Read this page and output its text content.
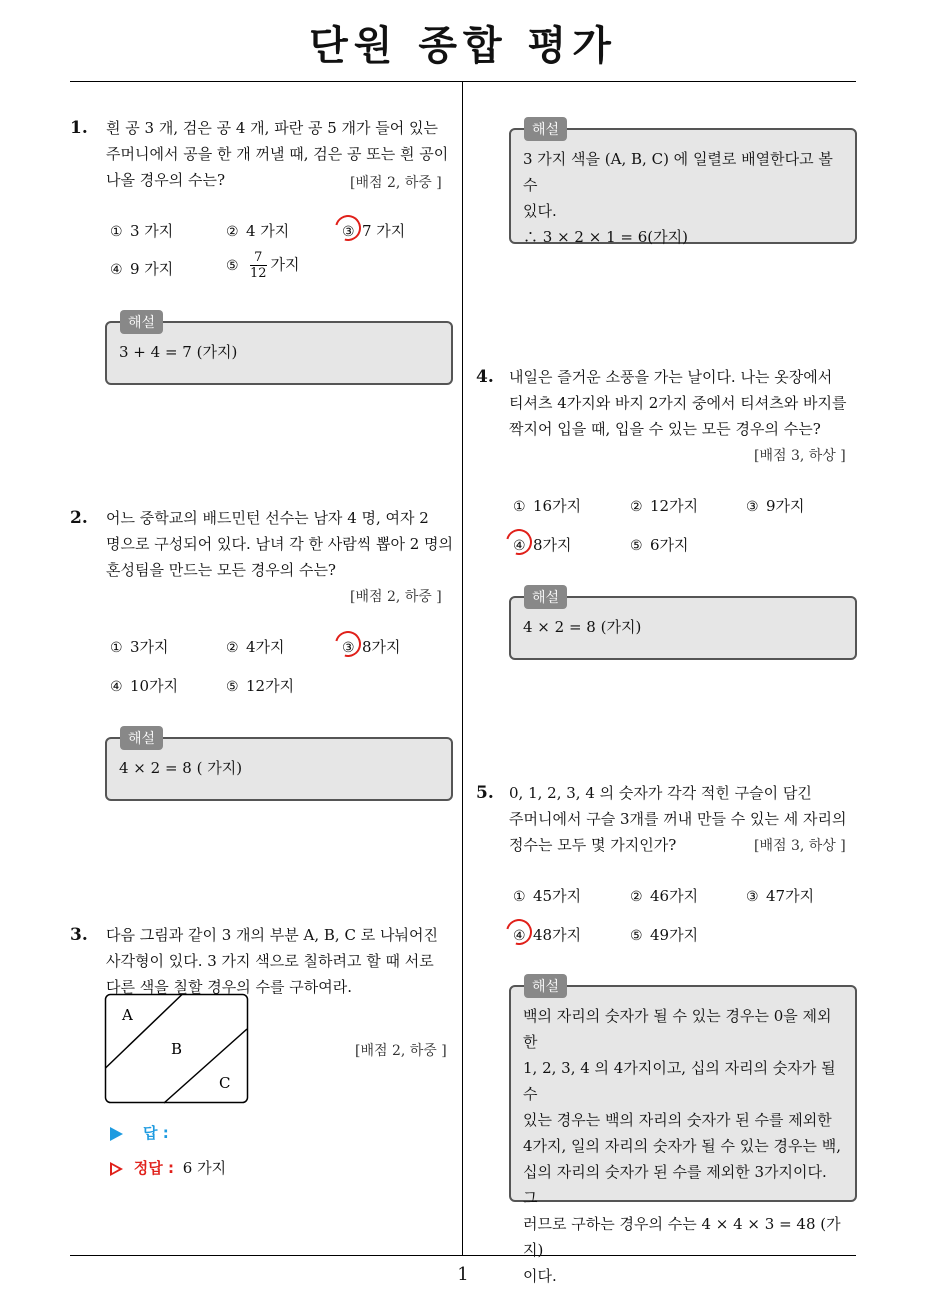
단원 종합 평가
1
1. 흰 공 3 개, 검은 공 4 개, 파란 공 5 개가 들어 있는
주머니에서 공을 한 개 꺼낼 때, 검은 공 또는 흰 공이
나올 경우의 수는?	[배점 2, 하중 ]
① 3 가지	② 4 가지	③ 7 가지
④ 9 가지	⑤ $\frac{7}{12}$ 가지
3 + 4 = 7 (가지)
해설
2. 어느 중학교의 배드민턴 선수는 남자 4 명, 여자 2
명으로 구성되어 있다. 남녀 각 한 사람씩 뽑아 2 명의
혼성팀을 만드는 모든 경우의 수는?
[배점 2, 하중 ]
① 3가지	② 4가지	③ 8가지
④ 10가지	⑤ 12가지
4 × 2 = 8 ( 가지)
해설
3. 다음 그림과 같이 3 개의 부분 A, B, C 로 나눠어진
사각형이 있다. 3 가지 색으로 칠하려고 할 때 서로
다른 색을 칠할 경우의 수를 구하여라.
A
B
C
[배점 2, 하중 ]
답 :
정답 : 6 가지
3 가지 색을 (A, B, C) 에 일렬로 배열한다고 볼 수
있다.
∴ 3 × 2 × 1 = 6(가지)
해설
4. 내일은 즐거운 소풍을 가는 날이다. 나는 옷장에서
티셔츠 4가지와 바지 2가지 중에서 티셔츠와 바지를
짝지어 입을 때, 입을 수 있는 모든 경우의 수는?
[배점 3, 하상 ]
① 16가지	② 12가지	③ 9가지
④ 8가지	⑤ 6가지
4 × 2 = 8 (가지)
해설
5. 0, 1, 2, 3, 4 의 숫자가 각각 적힌 구슬이 담긴
주머니에서 구슬 3개를 꺼내 만들 수 있는 세 자리의
정수는 모두 몇 가지인가?	[배점 3, 하상 ]
① 45가지	② 46가지	③ 47가지
④ 48가지	⑤ 49가지
백의 자리의 숫자가 될 수 있는 경우는 0을 제외한
1, 2, 3, 4 의 4가지이고, 십의 자리의 숫자가 될 수
있는 경우는 백의 자리의 숫자가 된 수를 제외한
4가지, 일의 자리의 숫자가 될 수 있는 경우는 백,
십의 자리의 숫자가 된 수를 제외한 3가지이다. 그
러므로 구하는 경우의 수는 4 × 4 × 3 = 48 (가지)
이다.
해설
